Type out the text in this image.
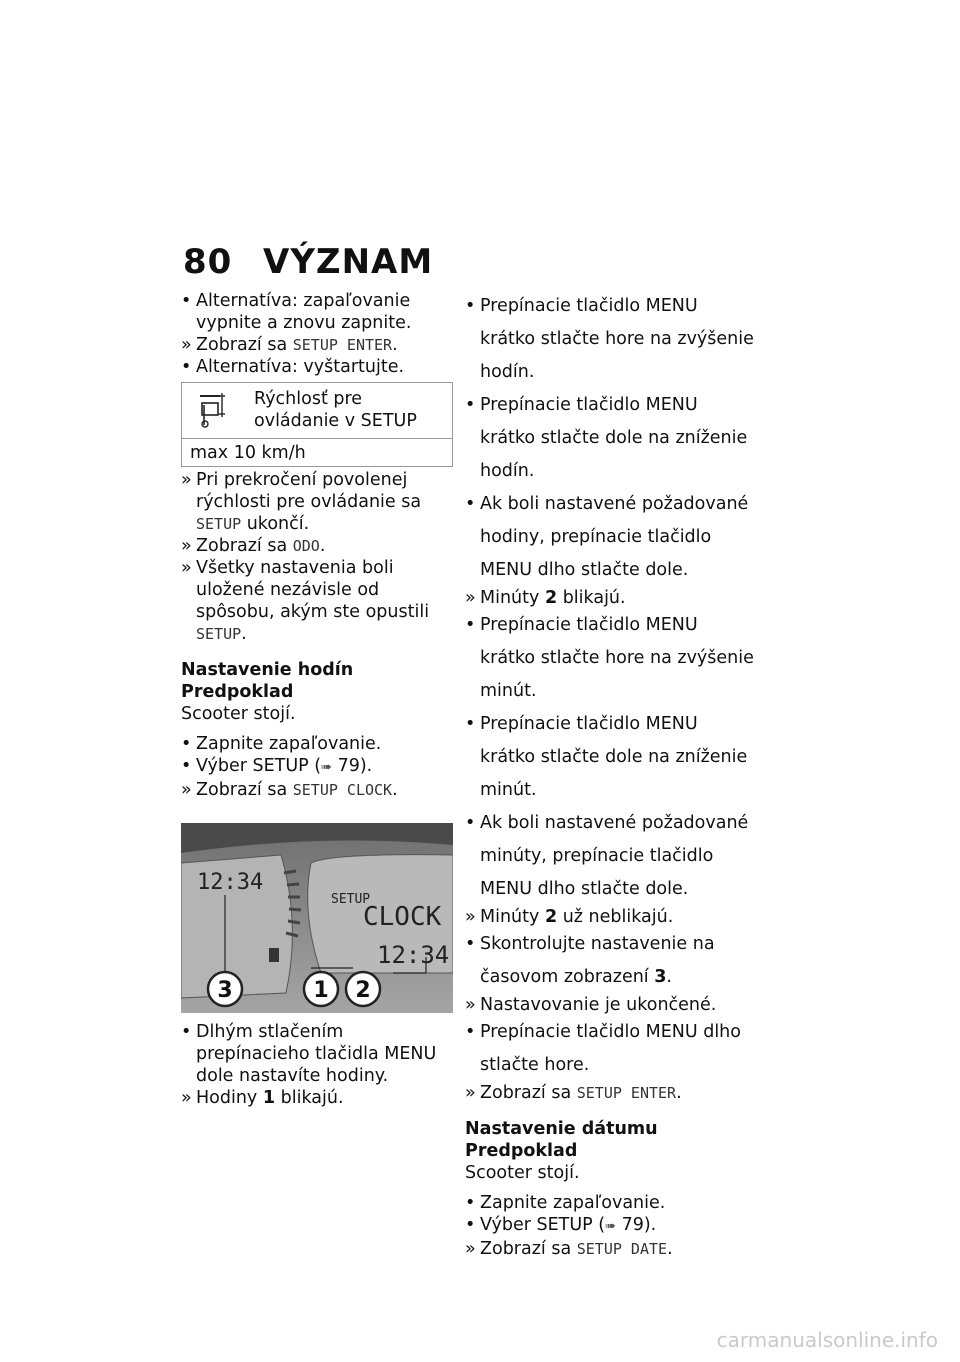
80 VÝZNAM

• Alternatíva: zapaľovanie vypnite a znovu zapnite.

» Zobrazí sa SETUP ENTER.

• Alternatíva: vyštartujte.

Rýchlosť pre ovládanie v SETUP
max 10 km/h

» Pri prekročení povolenej rýchlosti pre ovládanie sa SETUP ukončí.

» Zobrazí sa ODO.

» Všetky nastavenia boli uložené nezávisle od spôsobu, akým ste opustili SETUP.

Nastavenie hodín

Predpoklad

Scooter stojí.

• Zapnite zapaľovanie.

• Výber SETUP (➠ 79).

» Zobrazí sa SETUP CLOCK.

12:34
SETUP
CLOCK
12:34
3	1 2

• Dlhým stlačením prepínacieho tlačidla MENU dole nastavíte hodiny.

» Hodiny 1 blikajú.

• Prepínacie tlačidlo MENU krátko stlačte hore na zvýšenie hodín.

• Prepínacie tlačidlo MENU krátko stlačte dole na zníženie hodín.

• Ak boli nastavené požadované hodiny, prepínacie tlačidlo MENU dlho stlačte dole.

» Minúty 2 blikajú.

• Prepínacie tlačidlo MENU krátko stlačte hore na zvýšenie minút.

• Prepínacie tlačidlo MENU krátko stlačte dole na zníženie minút.

• Ak boli nastavené požadované minúty, prepínacie tlačidlo MENU dlho stlačte dole.

» Minúty 2 už neblikajú.

• Skontrolujte nastavenie na časovom zobrazení 3.

» Nastavovanie je ukončené.

• Prepínacie tlačidlo MENU dlho stlačte hore.

» Zobrazí sa SETUP ENTER.

Nastavenie dátumu

Predpoklad

Scooter stojí.

• Zapnite zapaľovanie.

• Výber SETUP (➠ 79).

» Zobrazí sa SETUP DATE.

carmanualsonline.info
